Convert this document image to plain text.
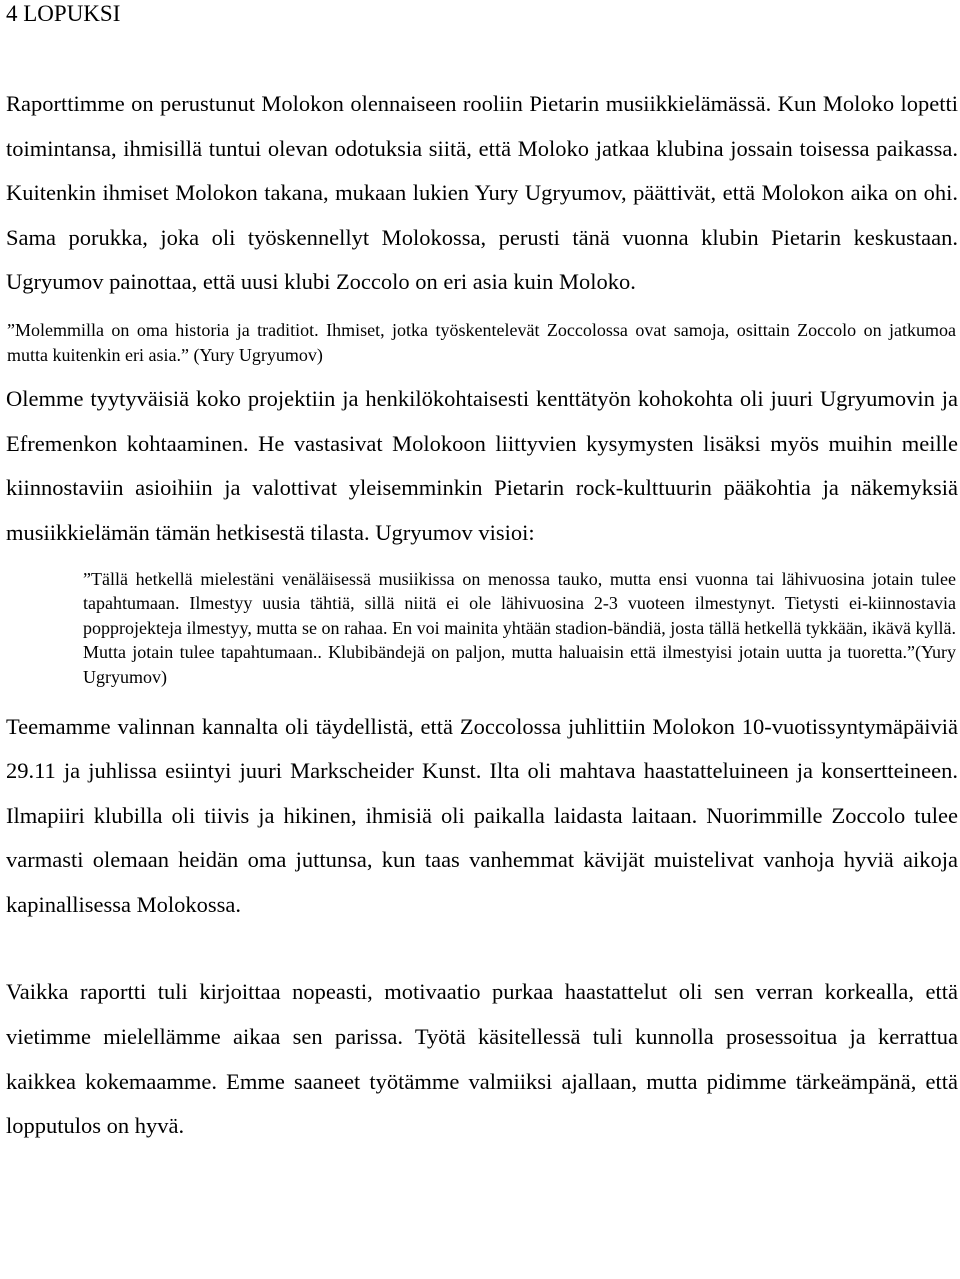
4 LOPUKSI

Raporttimme on perustunut Molokon olennaiseen rooliin Pietarin musiikkielämässä. Kun Moloko lopetti toimintansa, ihmisillä tuntui olevan odotuksia siitä, että Moloko jatkaa klubina jossain toisessa paikassa. Kuitenkin ihmiset Molokon takana, mukaan lukien Yury Ugryumov, päättivät, että Molokon aika on ohi. Sama porukka, joka oli työskennellyt Molokossa, perusti tänä vuonna klubin Pietarin keskustaan. Ugryumov painottaa, että uusi klubi Zoccolo on eri asia kuin Moloko.

”Molemmilla on oma historia ja traditiot. Ihmiset, jotka työskentelevät Zoccolossa ovat samoja, osittain Zoccolo on jatkumoa mutta kuitenkin eri asia.” (Yury Ugryumov)

Olemme tyytyväisiä koko projektiin ja henkilökohtaisesti kenttätyön kohokohta oli juuri Ugryumovin ja Efremenkon kohtaaminen. He vastasivat Molokoon liittyvien kysymysten lisäksi myös muihin meille kiinnostaviin asioihiin ja valottivat yleisemminkin Pietarin rock-kulttuurin pääkohtia ja näkemyksiä musiikkielämän tämän hetkisestä tilasta. Ugryumov visioi:

”Tällä hetkellä mielestäni venäläisessä musiikissa on menossa tauko, mutta ensi vuonna tai lähivuosina jotain tulee tapahtumaan. Ilmestyy uusia tähtiä, sillä niitä ei ole lähivuosina 2-3 vuoteen ilmestynyt. Tietysti ei-kiinnostavia popprojekteja ilmestyy, mutta se on rahaa. En voi mainita yhtään stadion-bändiä, josta tällä hetkellä tykkään, ikävä kyllä. Mutta jotain tulee tapahtumaan.. Klubibändejä on paljon, mutta haluaisin että ilmestyisi jotain uutta ja tuoretta.”(Yury Ugryumov)

Teemamme valinnan kannalta oli täydellistä, että Zoccolossa juhlittiin Molokon 10-vuotissyntymäpäiviä 29.11 ja juhlissa esiintyi juuri Markscheider Kunst. Ilta oli mahtava haastatteluineen ja konsertteineen. Ilmapiiri klubilla oli tiivis ja hikinen, ihmisiä oli paikalla laidasta laitaan. Nuorimmille Zoccolo tulee varmasti olemaan heidän oma juttunsa, kun taas vanhemmat kävijät muistelivat vanhoja hyviä aikoja kapinallisessa Molokossa.

Vaikka raportti tuli kirjoittaa nopeasti, motivaatio purkaa haastattelut oli sen verran korkealla, että vietimme mielellämme aikaa sen parissa. Työtä käsitellessä tuli kunnolla prosessoitua ja kerrattua kaikkea kokemaamme. Emme saaneet työtämme valmiiksi ajallaan, mutta pidimme tärkeämpänä, että lopputulos on hyvä.
